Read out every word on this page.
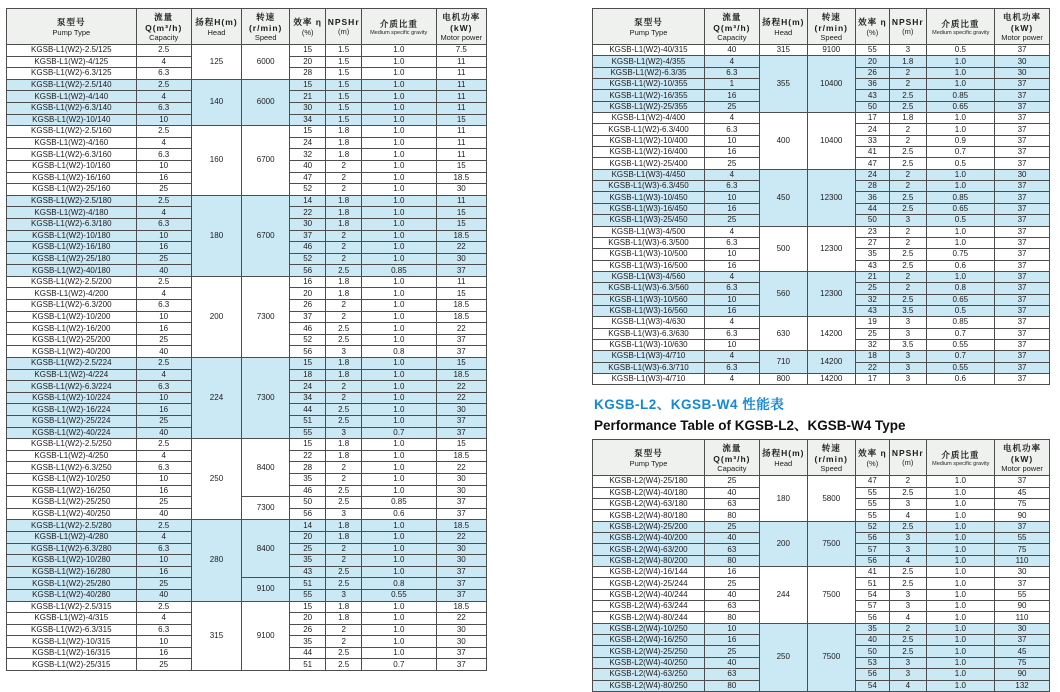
泵型号
Pump Type

流量Q(m³/h)
Capacity

扬程H(m)
Head

转速(r/min)
Speed

效率 η
(%)

NPSHr
(m)

介质比重
Medium specific gravity

电机功率(kW)
Motor power

KGSB-L1(W2)-2.5/125	2.5	125	6000	15	1.5	1.0	7.5
KGSB-L1(W2)-4/125	4			20	1.5	1.0	11
KGSB-L1(W2)-6.3/125	6.3			28	1.5	1.0	11
KGSB-L1(W2)-2.5/140	2.5	140	6000	15	1.5	1.0	11
KGSB-L1(W2)-4/140	4			21	1.5	1.0	11
KGSB-L1(W2)-6.3/140	6.3			30	1.5	1.0	11
KGSB-L1(W2)-10/140	10			34	1.5	1.0	15
KGSB-L1(W2)-2.5/160	2.5	160	6700	15	1.8	1.0	11
KGSB-L1(W2)-4/160	4			24	1.8	1.0	11
KGSB-L1(W2)-6.3/160	6.3			32	1.8	1.0	11
KGSB-L1(W2)-10/160	10			40	2	1.0	15
KGSB-L1(W2)-16/160	16			47	2	1.0	18.5
KGSB-L1(W2)-25/160	25			52	2	1.0	30
KGSB-L1(W2)-2.5/180	2.5	180	6700	14	1.8	1.0	11
KGSB-L1(W2)-4/180	4			22	1.8	1.0	15
KGSB-L1(W2)-6.3/180	6.3			30	1.8	1.0	15
KGSB-L1(W2)-10/180	10			37	2	1.0	18.5
KGSB-L1(W2)-16/180	16			46	2	1.0	22
KGSB-L1(W2)-25/180	25			52	2	1.0	30
KGSB-L1(W2)-40/180	40			56	2.5	0.85	37
KGSB-L1(W2)-2.5/200	2.5	200	7300	16	1.8	1.0	11
KGSB-L1(W2)-4/200	4			20	1.8	1.0	15
KGSB-L1(W2)-6.3/200	6.3			26	2	1.0	18.5
KGSB-L1(W2)-10/200	10			37	2	1.0	18.5
KGSB-L1(W2)-16/200	16			46	2.5	1.0	22
KGSB-L1(W2)-25/200	25			52	2.5	1.0	37
KGSB-L1(W2)-40/200	40			56	3	0.8	37
KGSB-L1(W2)-2.5/224	2.5	224	7300	15	1.8	1.0	15
KGSB-L1(W2)-4/224	4			18	1.8	1.0	18.5
KGSB-L1(W2)-6.3/224	6.3			24	2	1.0	22
KGSB-L1(W2)-10/224	10			34	2	1.0	22
KGSB-L1(W2)-16/224	16			44	2.5	1.0	30
KGSB-L1(W2)-25/224	25			51	2.5	1.0	37
KGSB-L1(W2)-40/224	40			55	3	0.7	37
KGSB-L1(W2)-2.5/250	2.5	250	8400	15	1.8	1.0	15
KGSB-L1(W2)-4/250	4			22	1.8	1.0	18.5
KGSB-L1(W2)-6.3/250	6.3			28	2	1.0	22
KGSB-L1(W2)-10/250	10			35	2	1.0	30
KGSB-L1(W2)-16/250	16			46	2.5	1.0	30
KGSB-L1(W2)-25/250	25		7300	50	2.5	0.85	37
KGSB-L1(W2)-40/250	40			56	3	0.6	37
KGSB-L1(W2)-2.5/280	2.5	280	8400	14	1.8	1.0	18.5
KGSB-L1(W2)-4/280	4			20	1.8	1.0	22
KGSB-L1(W2)-6.3/280	6.3			25	2	1.0	30
KGSB-L1(W2)-10/280	10			35	2	1.0	30
KGSB-L1(W2)-16/280	16			43	2.5	1.0	37
KGSB-L1(W2)-25/280	25		9100	51	2.5	0.8	37
KGSB-L1(W2)-40/280	40			55	3	0.55	37
KGSB-L1(W2)-2.5/315	2.5	315	9100	15	1.8	1.0	18.5
KGSB-L1(W2)-4/315	4			20	1.8	1.0	22
KGSB-L1(W2)-6.3/315	6.3			26	2	1.0	30
KGSB-L1(W2)-10/315	10			35	2	1.0	30
KGSB-L1(W2)-16/315	16			44	2.5	1.0	37
KGSB-L1(W2)-25/315	25			51	2.5	0.7	37
泵型号
Pump Type

流量Q(m³/h)
Capacity

扬程H(m)
Head

转速(r/min)
Speed

效率 η
(%)

NPSHr
(m)

介质比重
Medium specific gravity

电机功率(kW)
Motor power

KGSB-L1(W2)-40/315	40	315	9100	55	3	0.5	37
KGSB-L1(W2)-4/355	4	355	10400	20	1.8	1.0	30
KGSB-L1(W2)-6.3/35	6.3			26	2	1.0	30
KGSB-L1(W2)-10/355	1			36	2	1.0	37
KGSB-L1(W2)-16/355	16			43	2.5	0.85	37
KGSB-L1(W2)-25/355	25			50	2.5	0.65	37
KGSB-L1(W2)-4/400	4	400	10400	17	1.8	1.0	37
KGSB-L1(W2)-6.3/400	6.3			24	2	1.0	37
KGSB-L1(W2)-10/400	10			33	2	0.9	37
KGSB-L1(W2)-16/400	16			41	2.5	0.7	37
KGSB-L1(W2)-25/400	25			47	2.5	0.5	37
KGSB-L1(W3)-4/450	4	450	12300	24	2	1.0	30
KGSB-L1(W3)-6.3/450	6.3			28	2	1.0	37
KGSB-L1(W3)-10/450	10			36	2.5	0.85	37
KGSB-L1(W3)-16/450	16			44	2.5	0.65	37
KGSB-L1(W3)-25/450	25			50	3	0.5	37
KGSB-L1(W3)-4/500	4	500	12300	23	2	1.0	37
KGSB-L1(W3)-6.3/500	6.3			27	2	1.0	37
KGSB-L1(W3)-10/500	10			35	2.5	0.75	37
KGSB-L1(W3)-16/500	16			43	2.5	0.6	37
KGSB-L1(W3)-4/560	4	560	12300	21	2	1.0	37
KGSB-L1(W3)-6.3/560	6.3			25	2	0.8	37
KGSB-L1(W3)-10/560	10			32	2.5	0.65	37
KGSB-L1(W3)-16/560	16			43	3.5	0.5	37
KGSB-L1(W3)-4/630	4	630	14200	19	3	0.85	37
KGSB-L1(W3)-6.3/630	6.3			25	3	0.7	37
KGSB-L1(W3)-10/630	10			32	3.5	0.55	37
KGSB-L1(W3)-4/710	4	710	14200	18	3	0.7	37
KGSB-L1(W3)-6.3/710	6.3			22	3	0.55	37
KGSB-L1(W3)-4/710	4	800	14200	17	3	0.6	37
KGSB-L2、KGSB-W4 性能表
Performance Table of KGSB-L2、KGSB-W4 Type
泵型号
Pump Type

流量Q(m³/h)
Capacity

扬程H(m)
Head

转速(r/min)
Speed

效率 η
(%)

NPSHr
(m)

介质比重
Medium specific gravity

电机功率(kW)
Motor power

KGSB-L2(W4)-25/180	25	180	5800	47	2	1.0	37
KGSB-L2(W4)-40/180	40			55	2.5	1.0	45
KGSB-L2(W4)-63/180	63			55	3	1.0	75
KGSB-L2(W4)-80/180	80			55	4	1.0	90
KGSB-L2(W4)-25/200	25	200	7500	52	2.5	1.0	37
KGSB-L2(W4)-40/200	40			56	3	1.0	55
KGSB-L2(W4)-63/200	63			57	3	1.0	75
KGSB-L2(W4)-80/200	80			56	4	1.0	110
KGSB-L2(W4)-16/144	16	244	7500	41	2.5	1.0	30
KGSB-L2(W4)-25/244	25			51	2.5	1.0	37
KGSB-L2(W4)-40/244	40			54	3	1.0	55
KGSB-L2(W4)-63/244	63			57	3	1.0	90
KGSB-L2(W4)-80/244	80			56	4	1.0	110
KGSB-L2(W4)-10/250	10	250	7500	35	2	1.0	30
KGSB-L2(W4)-16/250	16			40	2.5	1.0	37
KGSB-L2(W4)-25/250	25			50	2.5	1.0	45
KGSB-L2(W4)-40/250	40			53	3	1.0	75
KGSB-L2(W4)-63/250	63			56	3	1.0	90
KGSB-L2(W4)-80/250	80			54	4	1.0	132
